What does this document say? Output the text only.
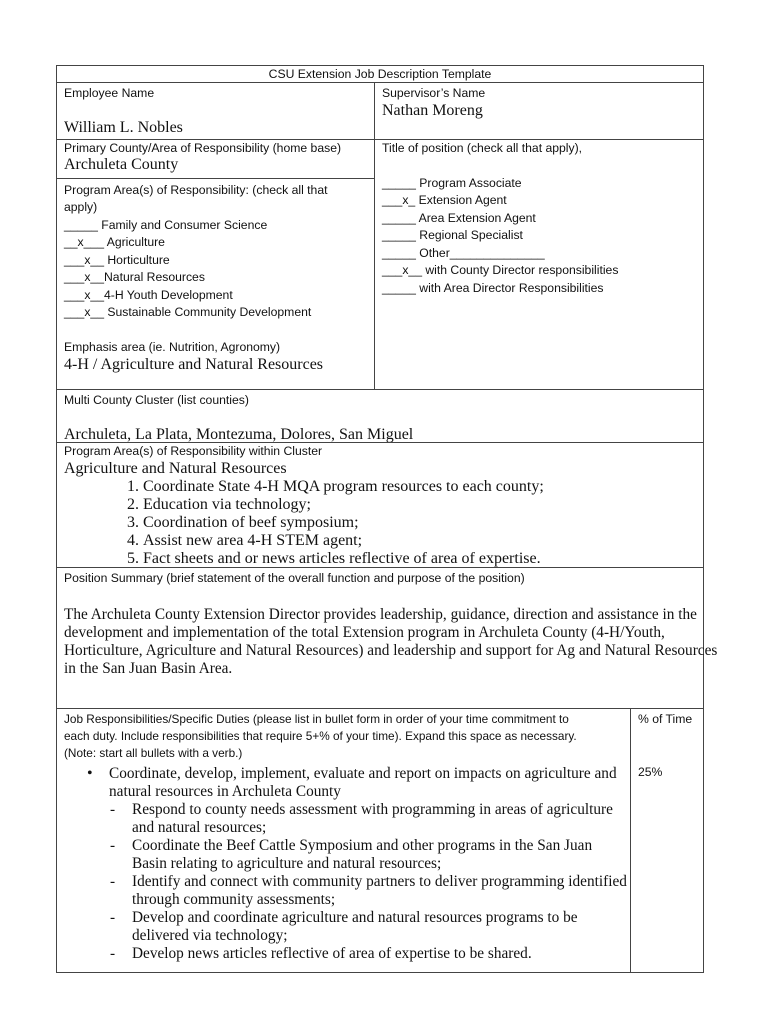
CSU Extension Job Description Template
Employee Name
William L. Nobles
Supervisor’s Name
Nathan Moreng
Primary County/Area of Responsibility (home base)
Archuleta County
Program Area(s) of Responsibility: (check all that
apply)
_____ Family and Consumer Science
__x___ Agriculture
___x__ Horticulture
___x__Natural Resources
___x__4-H Youth Development
___x__ Sustainable Community Development
Emphasis area (ie. Nutrition, Agronomy)
4-H / Agriculture and Natural Resources
Title of position (check all that apply),
_____ Program Associate
___x_ Extension Agent
_____ Area Extension Agent
_____ Regional Specialist
_____ Other______________
___x__ with County Director responsibilities
_____ with Area Director Responsibilities
Multi County Cluster (list counties)
Archuleta, La Plata, Montezuma, Dolores, San Miguel
Program Area(s) of Responsibility within Cluster
Agriculture and Natural Resources
1. Coordinate State 4-H MQA program resources to each county;
2. Education via technology;
3. Coordination of beef symposium;
4. Assist new area 4-H STEM agent;
5. Fact sheets and or news articles reflective of area of expertise.
Position Summary (brief statement of the overall function and purpose of the position)
The Archuleta County Extension Director provides leadership, guidance, direction and assistance in the
development and implementation of the total Extension program in Archuleta County (4-H/Youth,
Horticulture, Agriculture and Natural Resources) and leadership and support for Ag and Natural Resources
in the San Juan Basin Area.
Job Responsibilities/Specific Duties (please list in bullet form in order of your time commitment to
each duty. Include responsibilities that require 5+% of your time). Expand this space as necessary.
(Note: start all bullets with a verb.)
• Coordinate, develop, implement, evaluate and report on impacts on agriculture and
natural resources in Archuleta County
- Respond to county needs assessment with programming in areas of agriculture
and natural resources;
- Coordinate the Beef Cattle Symposium and other programs in the San Juan
Basin relating to agriculture and natural resources;
- Identify and connect with community partners to deliver programming identified
through community assessments;
- Develop and coordinate agriculture and natural resources programs to be
delivered via technology;
- Develop news articles reflective of area of expertise to be shared.
% of Time
25%
